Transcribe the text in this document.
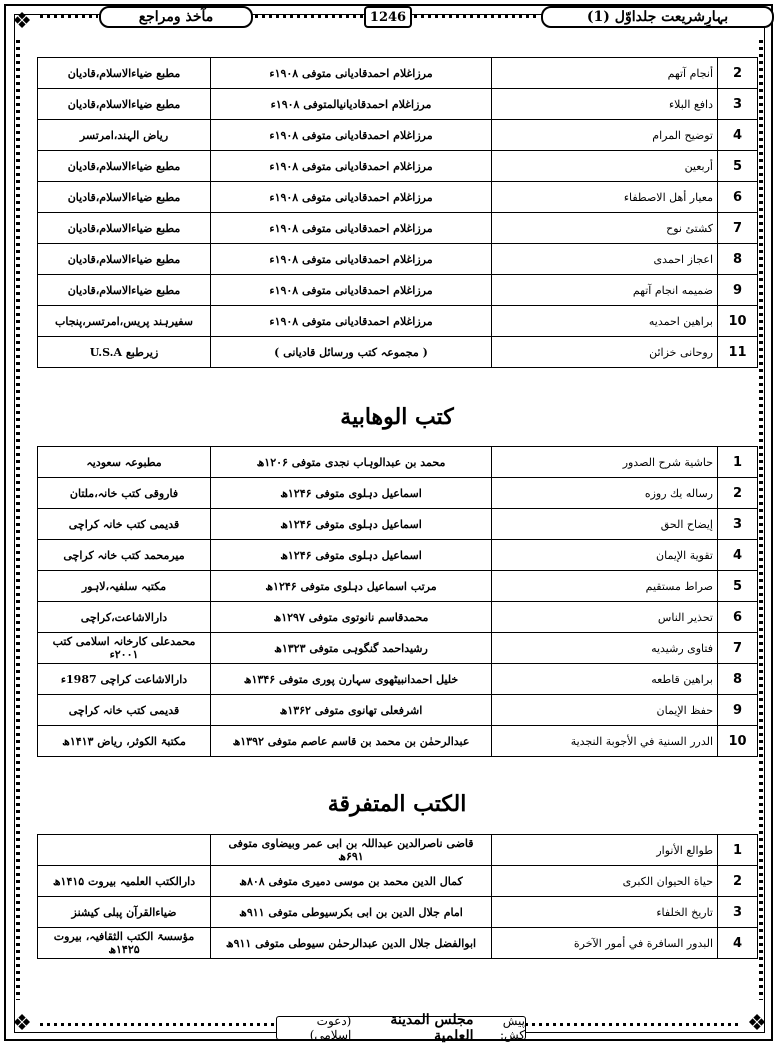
❖
❖	❖
بہارِشریعت جلداوّل (1)
1246
مآخذ ومراجع
2	أنجام آتهم	مرزاغلام احمدقادیانی متوفی ۱۹۰۸ء	مطبع ضیاءالاسلام،قادیان
3	دافع البلاء	مرزاغلام احمدقادیانیالمتوفی ۱۹۰۸ء	مطبع ضیاءالاسلام،قادیان
4	توضيح المرام	مرزاغلام احمدقادیانی متوفی ۱۹۰۸ء	ریاض الہند،امرتسر
5	أربعين	مرزاغلام احمدقادیانی متوفی ۱۹۰۸ء	مطبع ضیاءالاسلام،قادیان
6	معيار أهل الاصطفاء	مرزاغلام احمدقادیانی متوفی ۱۹۰۸ء	مطبع ضیاءالاسلام،قادیان
7	كشتئ نوح	مرزاغلام احمدقادیانی متوفی ۱۹۰۸ء	مطبع ضیاءالاسلام،قادیان
8	اعجاز احمدی	مرزاغلام احمدقادیانی متوفی ۱۹۰۸ء	مطبع ضیاءالاسلام،قادیان
9	ضميمه انجام آتهم	مرزاغلام احمدقادیانی متوفی ۱۹۰۸ء	مطبع ضیاءالاسلام،قادیان
10	براهين احمديه	مرزاغلام احمدقادیانی متوفی ۱۹۰۸ء	سفیرہند پریس،امرتسر،پنجاب
11	روحانی خزائن	( مجموعہ کتب ورسائل قادیانی )	زیرطبع U.S.A
كتب الوهابية
1	حاشية شرح الصدور	محمد بن عبدالوہاب نجدی متوفی ۱۲۰۶ھ	مطبوعہ سعودیہ
2	رساله يك روزه	اسماعیل دہلوی متوفی ۱۲۴۶ھ	فاروقی کتب خانہ،ملتان
3	إيضاح الحق	اسماعیل دہلوی متوفی ۱۲۴۶ھ	قدیمی کتب خانہ کراچی
4	تقوية الإيمان	اسماعیل دہلوی متوفی ۱۲۴۶ھ	میرمحمد کتب خانہ کراچی
5	صراط مستقيم	مرتب اسماعیل دہلوی متوفی ۱۲۴۶ھ	مکتبہ سلفیہ،لاہور
6	تحذير الناس	محمدقاسم نانوتوی متوفی ۱۲۹۷ھ	دارالاشاعت،کراچی
7	فتاوى رشيديه	رشیداحمد گنگوہی متوفی ۱۳۲۳ھ	محمدعلی کارخانہ اسلامی کتب ۲۰۰۱ء
8	براهين قاطعه	خلیل احمدانبیٹھوی سہارن پوری متوفی ۱۳۴۶ھ	دارالاشاعت کراچی 1987ء
9	حفظ الإيمان	اشرفعلی تھانوی متوفی ۱۳۶۲ھ	قدیمی کتب خانہ کراچی
10	الدرر السنية في الأجوبة النجدية	عبدالرحمٰن بن محمد بن قاسم عاصم متوفی ۱۳۹۲ھ	مکتبۃ الکوثر، ریاض ۱۴۱۳ھ
الكتب المتفرقة
1	طوالع الأنوار	قاضی ناصرالدین عبداللہ بن ابی عمر وبیضاوی متوفی ۶۹۱ھ	
2	حياة الحيوان الكبرى	کمال الدین محمد بن موسی دمیری متوفی ۸۰۸ھ	دارالکتب العلمیہ بیروت ۱۴۱۵ھ
3	تاريخ الخلفاء	امام جلال الدین بن ابی بکرسیوطی متوفی ۹۱۱ھ	ضیاءالقرآن پبلی کیشنز
4	البدور السافرة في أمور الآخرة	ابوالفضل جلال الدین عبدالرحمٰن سیوطی متوفی ۹۱۱ھ	مؤسسۃ الکتب الثقافیہ، بیروت ۱۴۲۵ھ
پیش کش:
مجلس المدينة العلمية
(دعوت اسلامی)
